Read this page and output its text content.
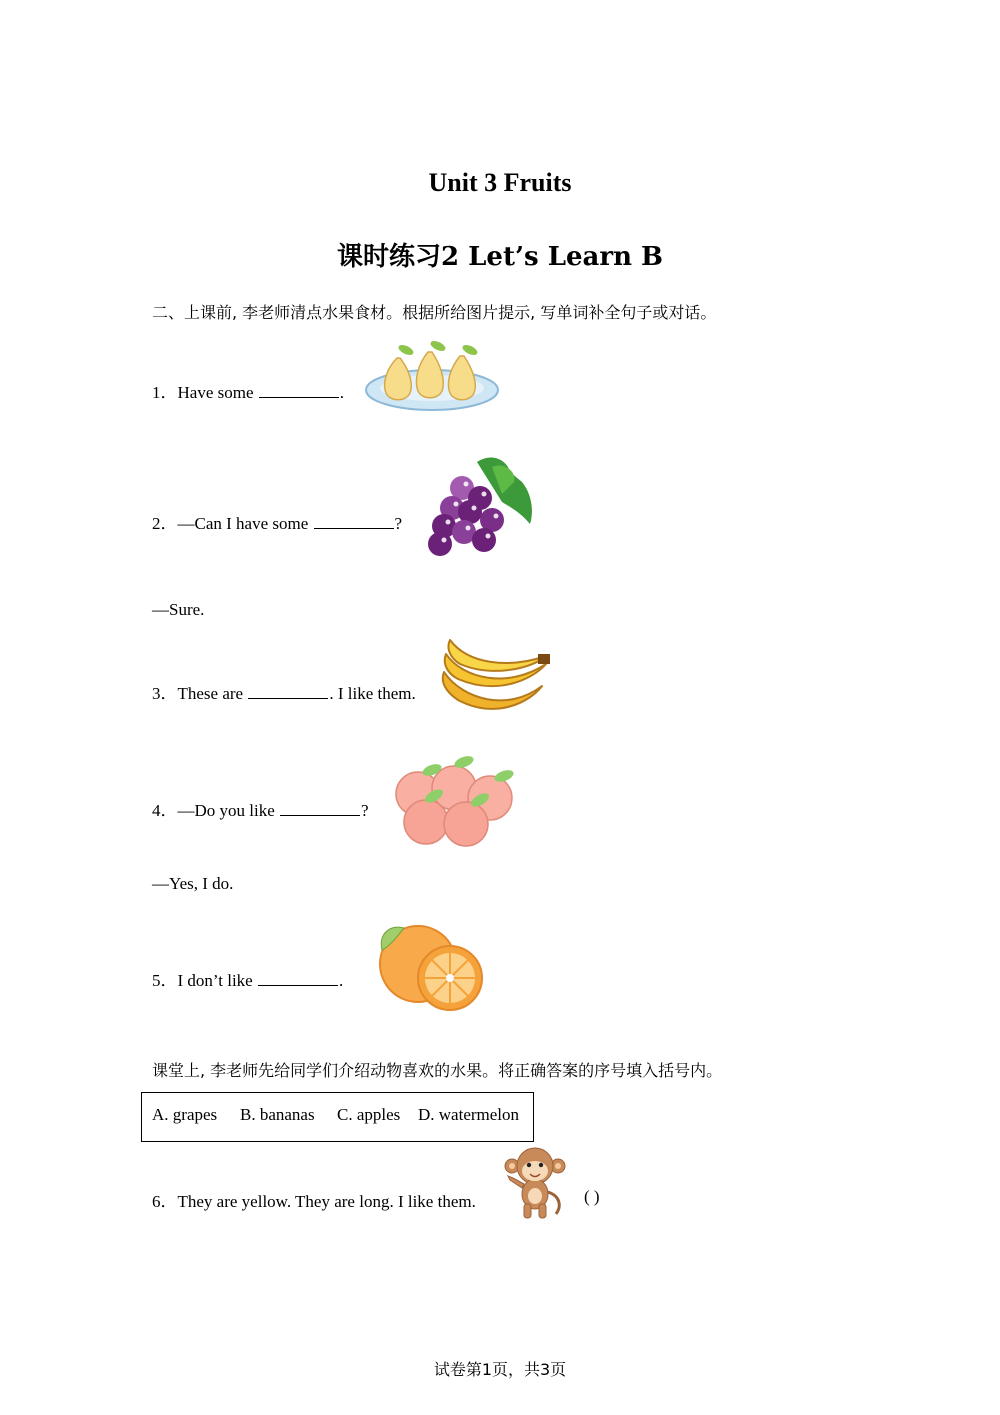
Unit 3 Fruits
课时练习2 Let’s Learn B
二、上课前, 李老师清点水果食材。根据所给图片提示, 写单词补全句子或对话。
1．Have some	.
2．—Can I have some	?
—Sure.
3．These are	. I like them.
4．—Do you like	?
—Yes, I do.
5．I don’t like	.
课堂上, 李老师先给同学们介绍动物喜欢的水果。将正确答案的序号填入括号内。
A. grapes B. bananas C. apples D. watermelon
6．They are yellow. They are long. I like them.	( )
试卷第1页，共3页
